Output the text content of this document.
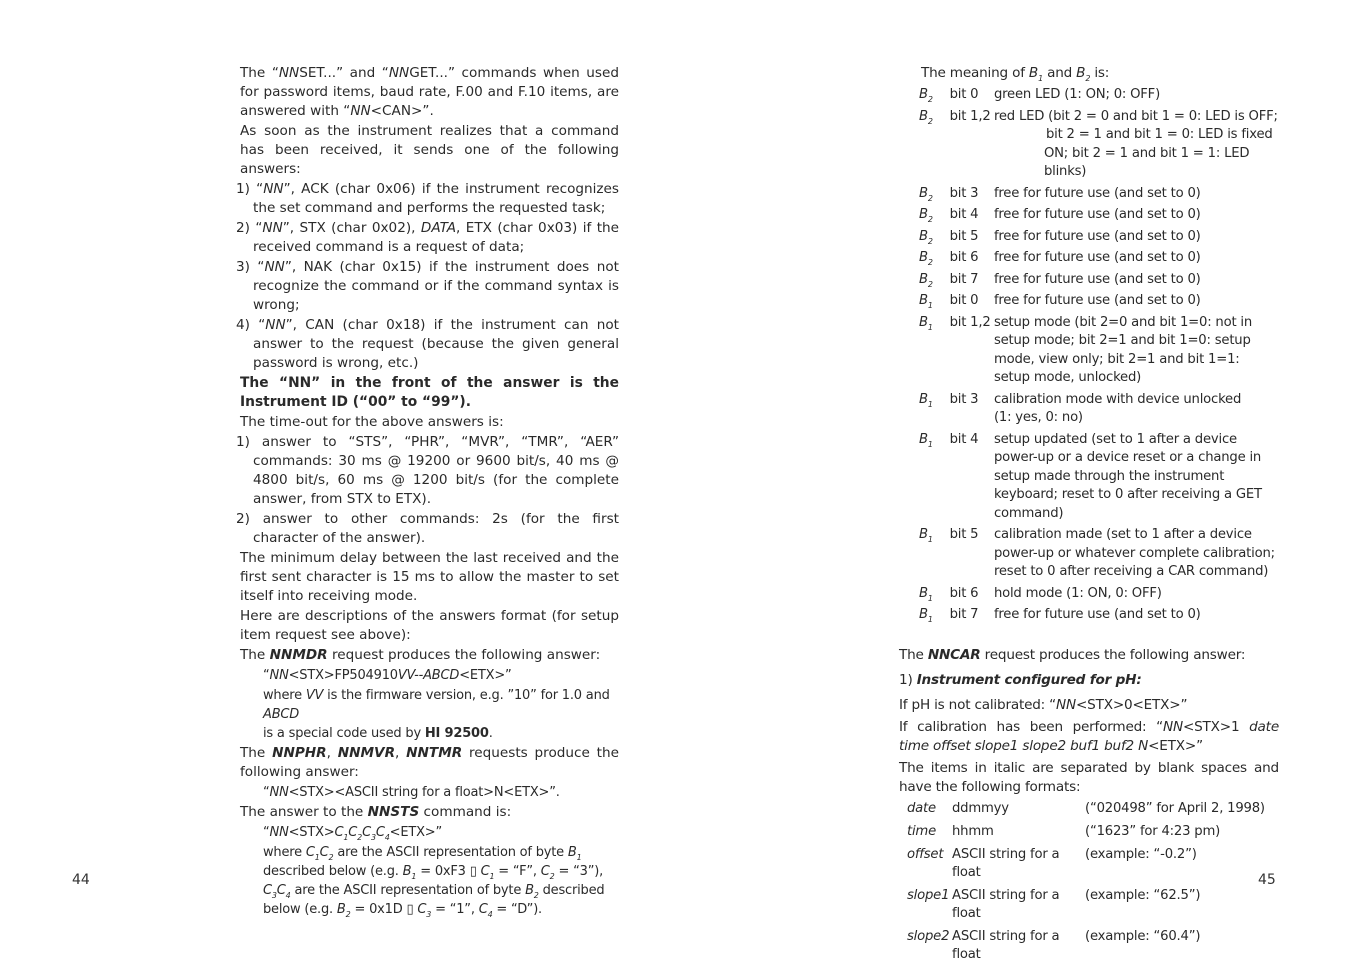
The “NNSET...” and “NNGET...” commands when used for password items, baud rate, F.00 and F.10 items, are answered with “NN<CAN>”.

As soon as the instrument realizes that a command has been received, it sends one of the following answers:

1) “NN”, ACK (char 0x06) if the instrument recognizes the set command and performs the requested task;

2) “NN”, STX (char 0x02), DATA, ETX (char 0x03) if the received command is a request of data;

3) “NN”, NAK (char 0x15) if the instrument does not recognize the command or if the command syntax is wrong;

4) “NN”, CAN (char 0x18) if the instrument can not answer to the request (because the given general password is wrong, etc.)

The “NN” in the front of the answer is the Instrument ID (“00” to “99”).

The time-out for the above answers is:

1) answer to “STS”, “PHR”, “MVR”, “TMR”, “AER” commands: 30 ms @ 19200 or 9600 bit/s, 40 ms @ 4800 bit/s, 60 ms @ 1200 bit/s (for the complete answer, from STX to ETX).

2) answer to other commands: 2s (for the first character of the answer).

The minimum delay between the last received and the first sent character is 15 ms to allow the master to set itself into receiving mode.

Here are descriptions of the answers format (for setup item request see above):

The NNMDR request produces the following answer:

“NN<STX>FP504910VV--ABCD<ETX>”

where VV is the firmware version, e.g. ”10” for 1.0 and ABCD
is a special code used by HI 92500.

The NNPHR, NNMVR, NNTMR requests produce the following answer:

“NN<STX><ASCII string for a float>N<ETX>”.

The answer to the NNSTS command is:

“$NN<STX>C_1C_2C_3C_4<ETX>$”

where $C_1C_2$ are the ASCII representation of byte $B_1$ described below (e.g. $B_1 = 0xF3$ ▯ $C_1$ = “F”, $C_2$ = “3”), $C_3C_4$ are the ASCII representation of byte $B_2$ described below (e.g. $B_2 = 0x1D$ ▯ $C_3$ = “1”, $C_4$ = “D”).

44

The meaning of $B_1$ and $B_2$ is:

$B_2$	bit 0	green LED (1: ON; 0: OFF)

$B_2$	bit 1,2	red LED (bit 2 = 0 and bit 1 = 0: LED is OFF;
bit 2 = 1 and bit 1 = 0: LED is fixed
ON; bit 2 = 1 and bit 1 = 1: LED blinks)

$B_2$	bit 3	free for future use (and set to 0)

$B_2$	bit 4	free for future use (and set to 0)

$B_2$	bit 5	free for future use (and set to 0)

$B_2$	bit 6	free for future use (and set to 0)

$B_2$	bit 7	free for future use (and set to 0)

$B_1$	bit 0	free for future use (and set to 0)

$B_1$	bit 1,2	setup mode (bit 2=0 and bit 1=0: not in setup mode; bit 2=1 and bit 1=0: setup mode, view only; bit 2=1 and bit 1=1: setup mode, unlocked)

$B_1$	bit 3	calibration mode with device unlocked
(1: yes, 0: no)

$B_1$	bit 4	setup updated (set to 1 after a device power-up or a device reset or a change in setup made through the instrument keyboard; reset to 0 after receiving a GET command)

$B_1$	bit 5	calibration made (set to 1 after a device power-up or whatever complete calibration; reset to 0 after receiving a CAR command)

$B_1$	bit 6	hold mode (1: ON, 0: OFF)

$B_1$	bit 7	free for future use (and set to 0)

The NNCAR request produces the following answer:

1) Instrument configured for pH:

If pH is not calibrated: “NN<STX>0<ETX>”

If calibration has been performed: “NN<STX>1 date time offset slope1 slope2 buf1 buf2 N<ETX>”

The items in italic are separated by blank spaces and have the following formats:

date	ddmmyy	(“020498” for April 2, 1998)
time	hhmm	(“1623” for 4:23 pm)
offset	ASCII string for a float	(example: “-0.2”)
slope1	ASCII string for a float	(example: “62.5”)
slope2	ASCII string for a float	(example: “60.4”)
45
